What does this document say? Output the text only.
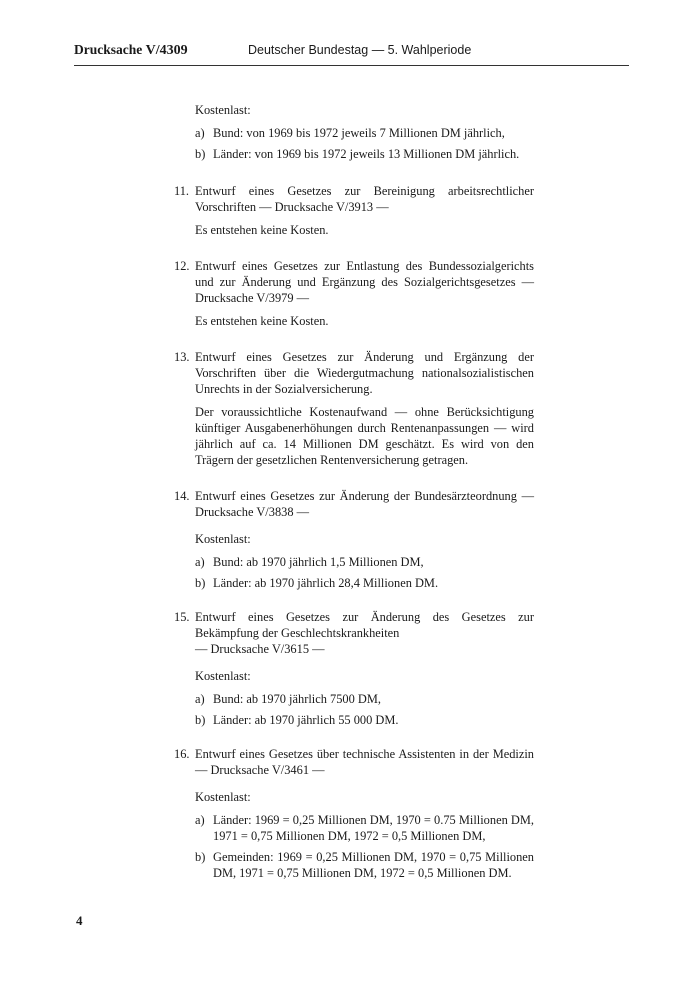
Drucksache V/4309	Deutscher Bundestag — 5. Wahlperiode
Kostenlast:
a) Bund: von 1969 bis 1972 jeweils 7 Millionen DM jährlich,
b) Länder: von 1969 bis 1972 jeweils 13 Millionen DM jährlich.
11. Entwurf eines Gesetzes zur Bereinigung arbeitsrechtlicher Vorschriften — Drucksache V/3913 —
Es entstehen keine Kosten.
12. Entwurf eines Gesetzes zur Entlastung des Bundessozialgerichts und zur Änderung und Ergänzung des Sozialgerichtsgesetzes — Drucksache V/3979 —
Es entstehen keine Kosten.
13. Entwurf eines Gesetzes zur Änderung und Ergänzung der Vorschriften über die Wiedergutmachung nationalsozialistischen Unrechts in der Sozialversicherung.
Der voraussichtliche Kostenaufwand — ohne Berücksichtigung künftiger Ausgabenerhöhungen durch Rentenanpassungen — wird jährlich auf ca. 14 Millionen DM geschätzt. Es wird von den Trägern der gesetzlichen Rentenversicherung getragen.
14. Entwurf eines Gesetzes zur Änderung der Bundesärzteordnung — Drucksache V/3838 —
Kostenlast:
a) Bund: ab 1970 jährlich 1,5 Millionen DM,
b) Länder: ab 1970 jährlich 28,4 Millionen DM.
15. Entwurf eines Gesetzes zur Änderung des Gesetzes zur Bekämpfung der Geschlechtskrankheiten
— Drucksache V/3615 —
Kostenlast:
a) Bund: ab 1970 jährlich 7500 DM,
b) Länder: ab 1970 jährlich 55 000 DM.
16. Entwurf eines Gesetzes über technische Assistenten in der Medizin — Drucksache V/3461 —
Kostenlast:
a) Länder: 1969 = 0,25 Millionen DM, 1970 = 0.75 Millionen DM, 1971 = 0,75 Millionen DM, 1972 = 0,5 Millionen DM,
b) Gemeinden: 1969 = 0,25 Millionen DM, 1970 = 0,75 Millionen DM, 1971 = 0,75 Millionen DM, 1972 = 0,5 Millionen DM.
4
